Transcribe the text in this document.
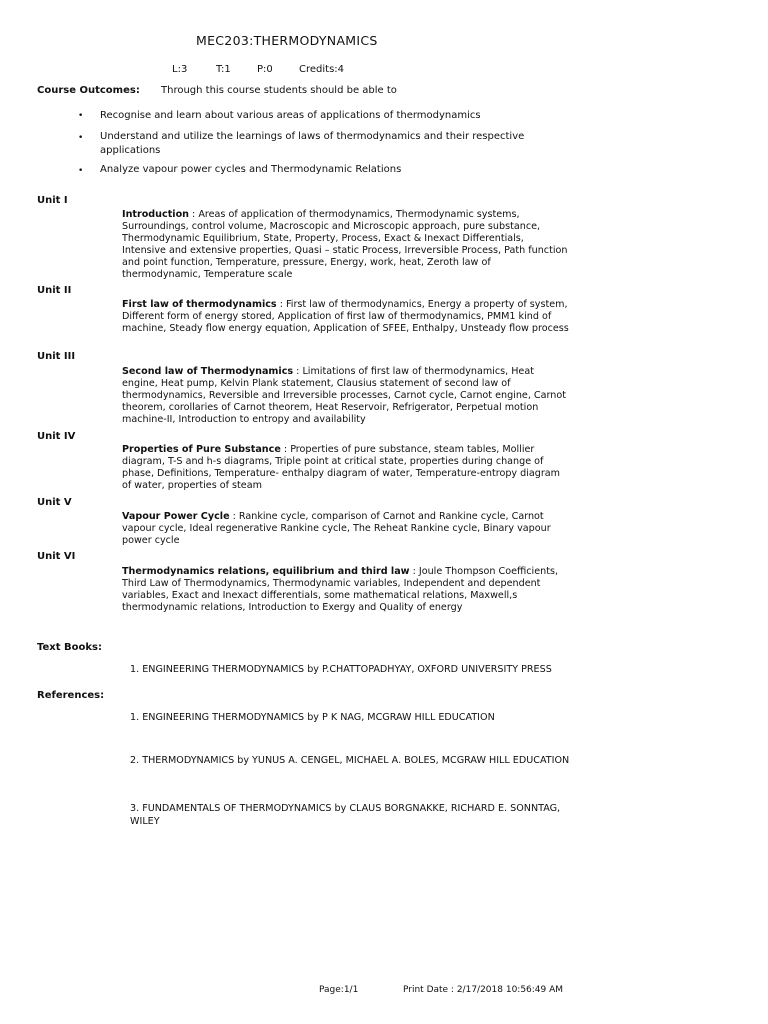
MEC203:THERMODYNAMICS
L:3	T:1	P:0	Credits:4
Course Outcomes: Through this course students should be able to
• Recognise and learn about various areas of applications of thermodynamics
• Understand and utilize the learnings of laws of thermodynamics and their respective applications
• Analyze vapour power cycles and Thermodynamic Relations
Unit I
Introduction : Areas of application of thermodynamics, Thermodynamic systems, Surroundings, control volume, Macroscopic and Microscopic approach, pure substance, Thermodynamic Equilibrium, State, Property, Process, Exact & Inexact Differentials, Intensive and extensive properties, Quasi – static Process, Irreversible Process, Path function and point function, Temperature, pressure, Energy, work, heat, Zeroth law of thermodynamic, Temperature scale
Unit II
First law of thermodynamics : First law of thermodynamics, Energy a property of system, Different form of energy stored, Application of first law of thermodynamics, PMM1 kind of machine, Steady flow energy equation, Application of SFEE, Enthalpy, Unsteady flow process
Unit III
Second law of Thermodynamics : Limitations of first law of thermodynamics, Heat engine, Heat pump, Kelvin Plank statement, Clausius statement of second law of thermodynamics, Reversible and Irreversible processes, Carnot cycle, Carnot engine, Carnot theorem, corollaries of Carnot theorem, Heat Reservoir, Refrigerator, Perpetual motion machine-II, Introduction to entropy and availability
Unit IV
Properties of Pure Substance : Properties of pure substance, steam tables, Mollier diagram, T-S and h-s diagrams, Triple point at critical state, properties during change of phase, Definitions, Temperature- enthalpy diagram of water, Temperature-entropy diagram of water, properties of steam
Unit V
Vapour Power Cycle : Rankine cycle, comparison of Carnot and Rankine cycle, Carnot vapour cycle, Ideal regenerative Rankine cycle, The Reheat Rankine cycle, Binary vapour power cycle
Unit VI
Thermodynamics relations, equilibrium and third law : Joule Thompson Coefficients, Third Law of Thermodynamics, Thermodynamic variables, Independent and dependent variables, Exact and Inexact differentials, some mathematical relations, Maxwell,s thermodynamic relations, Introduction to Exergy and Quality of energy
Text Books:
1. ENGINEERING THERMODYNAMICS by P.CHATTOPADHYAY, OXFORD UNIVERSITY PRESS
References:
1. ENGINEERING THERMODYNAMICS by P K NAG, MCGRAW HILL EDUCATION
2. THERMODYNAMICS by YUNUS A. CENGEL, MICHAEL A. BOLES, MCGRAW HILL EDUCATION
3. FUNDAMENTALS OF THERMODYNAMICS by CLAUS BORGNAKKE, RICHARD E. SONNTAG, WILEY
Page:1/1	Print Date : 2/17/2018 10:56:49 AM
